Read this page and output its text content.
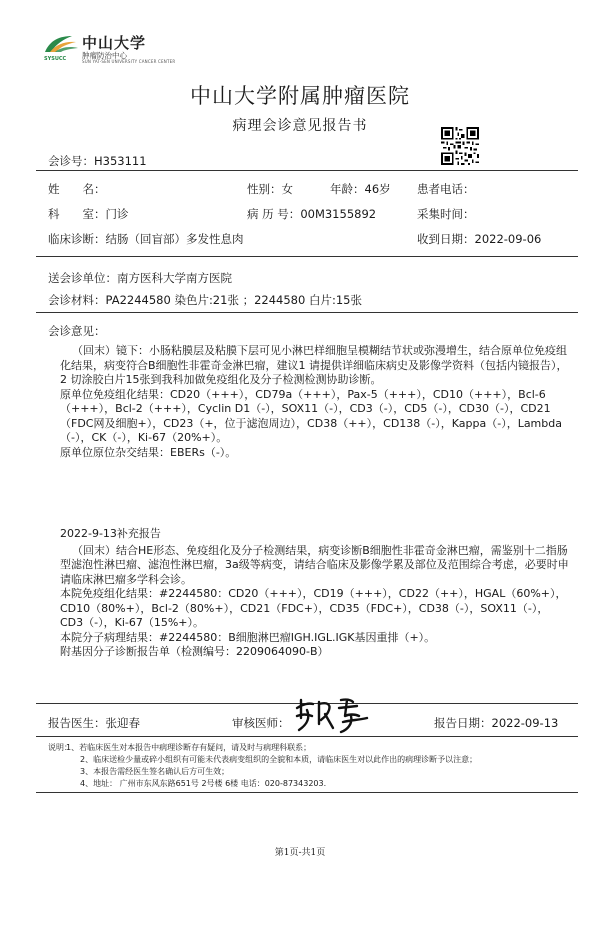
SYSUCC
中山大学
肿瘤防治中心
SUN YAT-SEN UNIVERSITY CANCER CENTER
中山大学附属肿瘤医院
病理会诊意见报告书
会诊号：H353111
姓　　名：	性别：女	年龄：46岁 患者电话：
科　　室：门诊	病 历 号：00M3155892	采集时间：
临床诊断：结肠（回盲部）多发性息肉	收到日期：2022-09-06
送会诊单位：南方医科大学南方医院
会诊材料：PA2244580 染色片:21张 ；2244580 白片:15张
会诊意见：

（回末）镜下：小肠粘膜层及粘膜下层可见小淋巴样细胞呈模糊结节状或弥漫增生，结合原单位免疫组化结果，病变符合B细胞性非霍奇金淋巴瘤，建议1 请提供详细临床病史及影像学资料（包括内镜报告），2 切涂胶白片15张到我科加做免疫组化及分子检测检测协助诊断。

原单位免疫组化结果：CD20（+++），CD79a（+++），Pax-5（+++），CD10（+++），Bcl-6（+++），Bcl-2（+++），Cyclin D1（-），SOX11（-），CD3（-），CD5（-），CD30（-），CD21（FDC网及细胞+），CD23（+，位于滤泡周边），CD38（++），CD138（-），Kappa（-），Lambda（-），CK（-），Ki-67（20%+）。

原单位原位杂交结果：EBERs（-）。

2022-9-13补充报告

（回末）结合HE形态、免疫组化及分子检测结果，病变诊断B细胞性非霍奇金淋巴瘤，需鉴别十二指肠型滤泡性淋巴瘤、滤泡性淋巴瘤，3a级等病变，请结合临床及影像学累及部位及范围综合考虑，必要时申请临床淋巴瘤多学科会诊。

本院免疫组化结果：#2244580：CD20（+++），CD19（+++），CD22（++），HGAL（60%+），CD10（80%+），Bcl-2（80%+），CD21（FDC+），CD35（FDC+），CD38（-），SOX11（-），CD3（-），Ki-67（15%+）。

本院分子病理结果：#2244580：B细胞淋巴瘤IGH.IGL.IGK基因重排（+）。

附基因分子诊断报告单（检测编号：2209064090-B）

报告医生：张迎春	审核医师：	报告日期：2022-09-13
说明：
1、若临床医生对本报告中病理诊断存有疑问，请及时与病理科联系；
2、临床送检少量或碎小组织有可能未代表病变组织的全貌和本质，请临床医生对以此作出的病理诊断予以注意；
3、本报告需经医生签名确认后方可生效；
4、地址： 广州市东风东路651号 2号楼 6楼 电话：020-87343203.
第1页-共1页
